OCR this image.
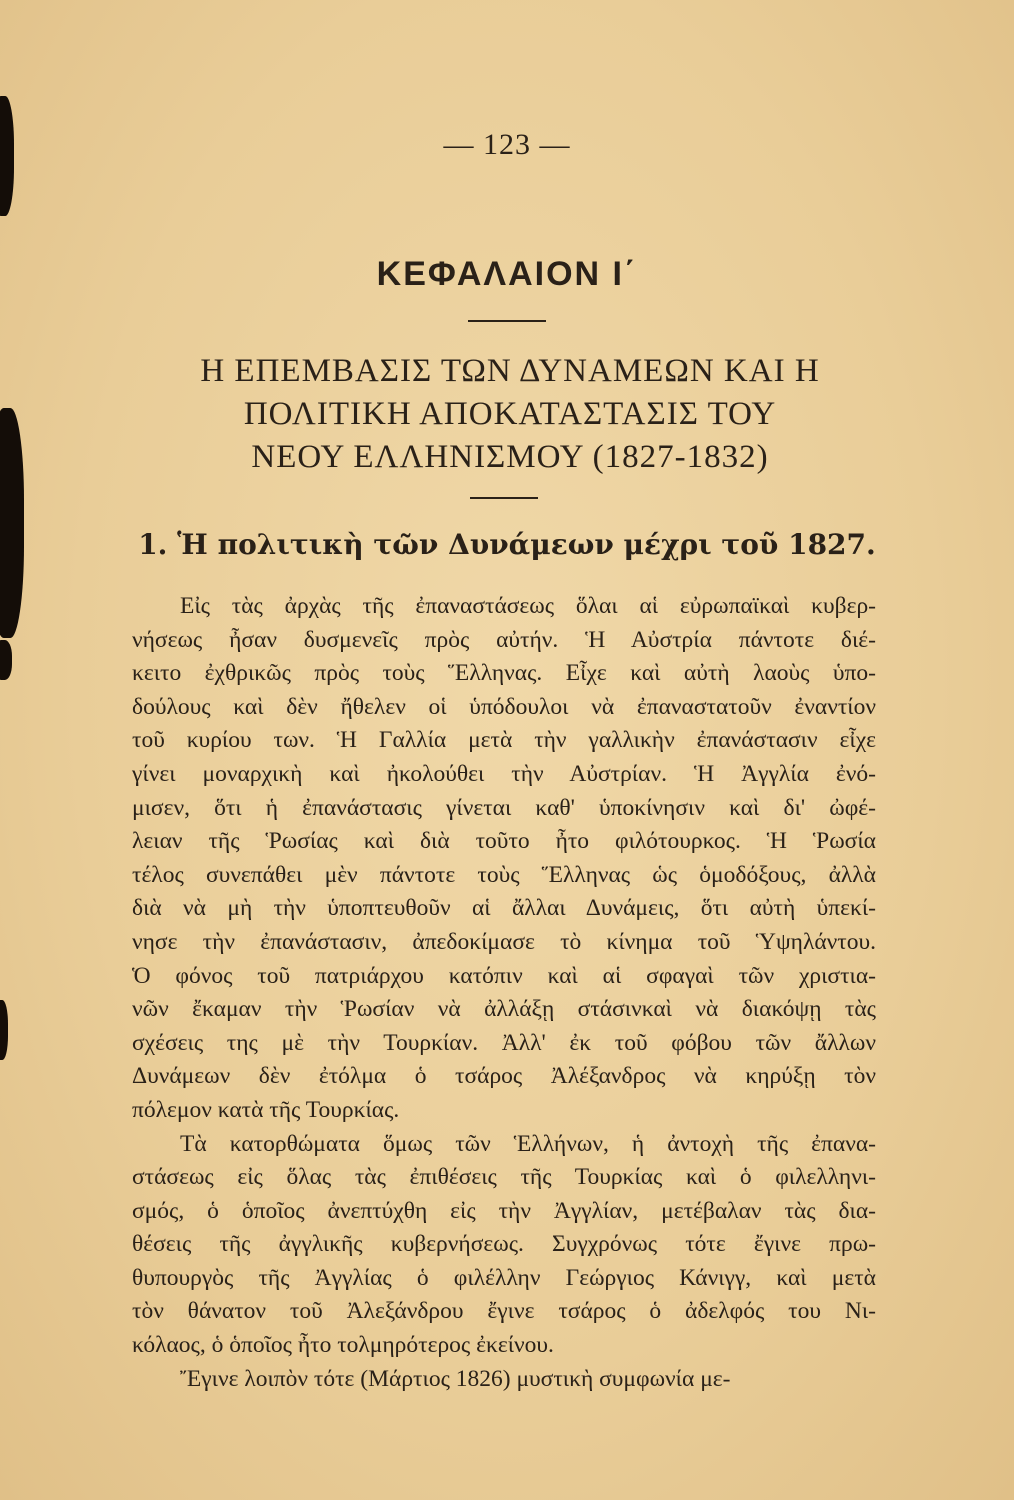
— 123 —
ΚΕΦΑΛΑΙΟΝ Ι΄
Η ΕΠΕΜΒΑΣΙΣ ΤΩΝ ΔΥΝΑΜΕΩΝ ΚΑΙ Η
ΠΟΛΙΤΙΚΗ ΑΠΟΚΑΤΑΣΤΑΣΙΣ ΤΟΥ
ΝΕΟΥ ΕΛΛΗΝΙΣΜΟΥ (1827-1832)
1. Ἡ πολιτικὴ τῶν Δυνάμεων μέχρι τοῦ 1827.
Εἰς τὰς ἀρχὰς τῆς ἐπαναστάσεως ὅλαι αἱ εὐρωπαϊκαὶ κυβερ-
νήσεως ἦσαν δυσμενεῖς πρὸς αὐτήν. Ἡ Αὐστρία πάντοτε διέ-
κειτο ἐχθρικῶς πρὸς τοὺς Ἕλληνας. Εἶχε καὶ αὐτὴ λαοὺς ὑπο-
δούλους καὶ δὲν ἤθελεν οἱ ὑπόδουλοι νὰ ἐπαναστατοῦν ἐναντίον
τοῦ κυρίου των. Ἡ Γαλλία μετὰ τὴν γαλλικὴν ἐπανάστασιν εἶχε
γίνει μοναρχικὴ καὶ ἠκολούθει τὴν Αὐστρίαν. Ἡ Ἀγγλία ἐνό-
μισεν, ὅτι ἡ ἐπανάστασις γίνεται καθ' ὑποκίνησιν καὶ δι' ὠφέ-
λειαν τῆς Ῥωσίας καὶ διὰ τοῦτο ἦτο φιλότουρκος. Ἡ Ῥωσία
τέλος συνεπάθει μὲν πάντοτε τοὺς Ἕλληνας ὡς ὁμοδόξους, ἀλλὰ
διὰ νὰ μὴ τὴν ὑποπτευθοῦν αἱ ἄλλαι Δυνάμεις, ὅτι αὐτὴ ὑπεκί-
νησε τὴν ἐπανάστασιν, ἀπεδοκίμασε τὸ κίνημα τοῦ Ὑψηλάντου.
Ὁ φόνος τοῦ πατριάρχου κατόπιν καὶ αἱ σφαγαὶ τῶν χριστια-
νῶν ἔκαμαν τὴν Ῥωσίαν νὰ ἀλλάξῃ στάσινκαὶ νὰ διακόψῃ τὰς
σχέσεις της μὲ τὴν Τουρκίαν. Ἀλλ' ἐκ τοῦ φόβου τῶν ἄλλων
Δυνάμεων δὲν ἐτόλμα ὁ τσάρος Ἀλέξανδρος νὰ κηρύξῃ τὸν
πόλεμον κατὰ τῆς Τουρκίας.
Τὰ κατορθώματα ὅμως τῶν Ἑλλήνων, ἡ ἀντοχὴ τῆς ἐπανα-
στάσεως εἰς ὅλας τὰς ἐπιθέσεις τῆς Τουρκίας καὶ ὁ φιλελληνι-
σμός, ὁ ὁποῖος ἀνεπτύχθη εἰς τὴν Ἀγγλίαν, μετέβαλαν τὰς δια-
θέσεις τῆς ἀγγλικῆς κυβερνήσεως. Συγχρόνως τότε ἔγινε πρω-
θυπουργὸς τῆς Ἀγγλίας ὁ φιλέλλην Γεώργιος Κάνιγγ, καὶ μετὰ
τὸν θάνατον τοῦ Ἀλεξάνδρου ἔγινε τσάρος ὁ ἀδελφός του Νι-
κόλαος, ὁ ὁποῖος ἦτο τολμηρότερος ἐκείνου.
Ἔγινε λοιπὸν τότε (Μάρτιος 1826) μυστικὴ συμφωνία με-
